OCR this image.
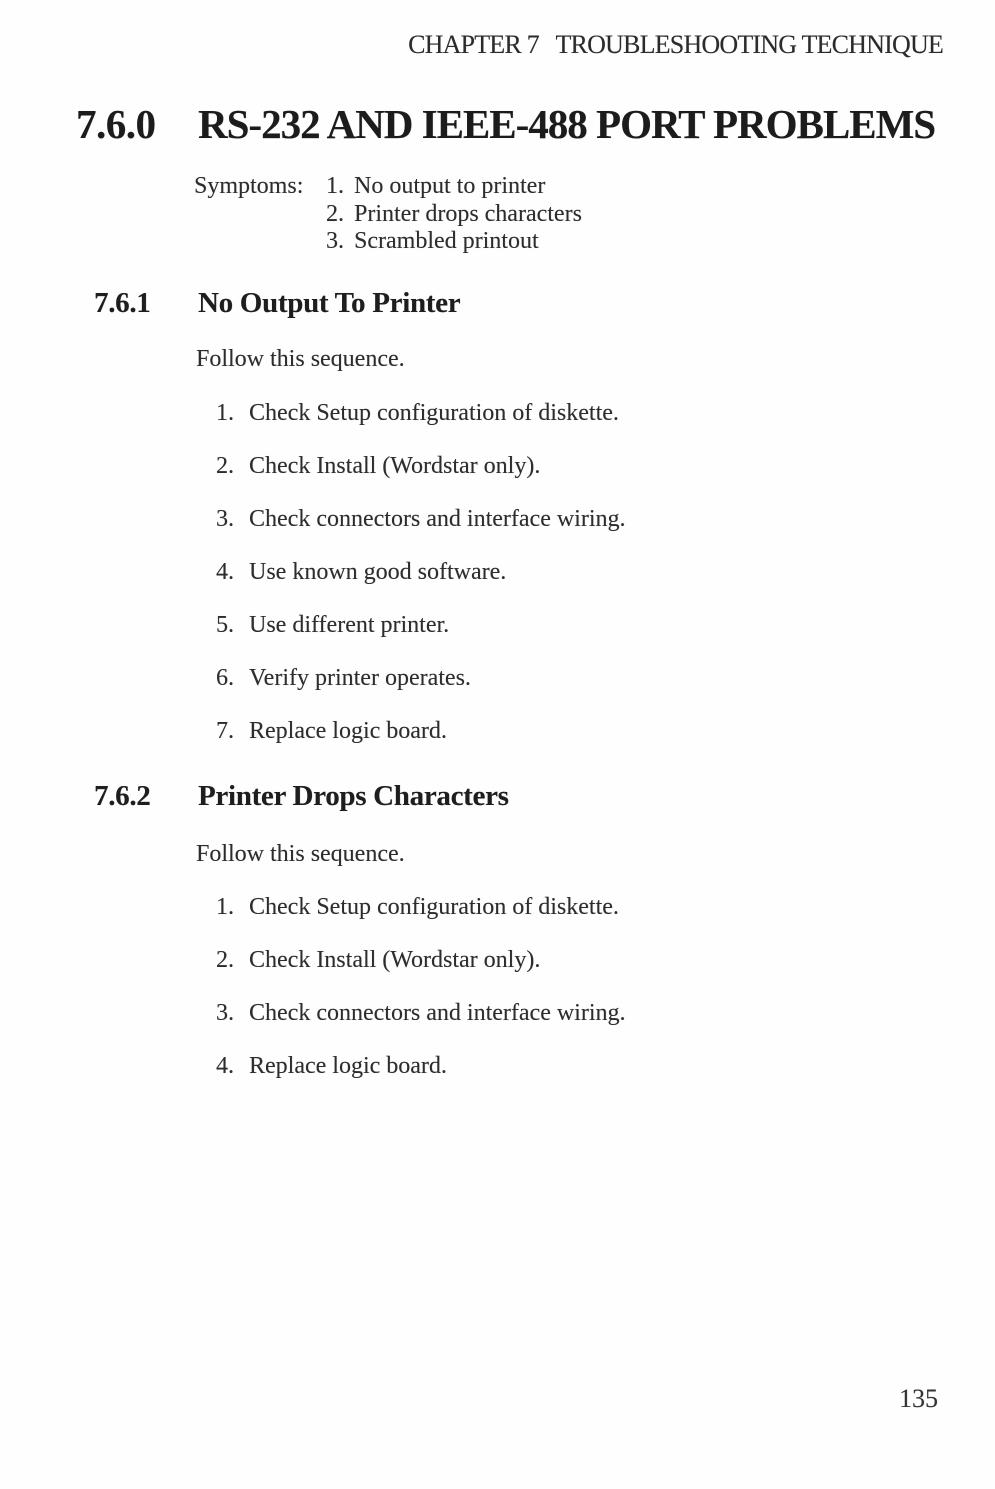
CHAPTER 7   TROUBLESHOOTING TECHNIQUE
7.6.0 RS-232 AND IEEE-488 PORT PROBLEMS
Symptoms: 1. No output to printer
2. Printer drops characters
3. Scrambled printout
7.6.1 No Output To Printer
Follow this sequence.
1. Check Setup configuration of diskette.
2. Check Install (Wordstar only).
3. Check connectors and interface wiring.
4. Use known good software.
5. Use different printer.
6. Verify printer operates.
7. Replace logic board.
7.6.2 Printer Drops Characters
Follow this sequence.
1. Check Setup configuration of diskette.
2. Check Install (Wordstar only).
3. Check connectors and interface wiring.
4. Replace logic board.
135
